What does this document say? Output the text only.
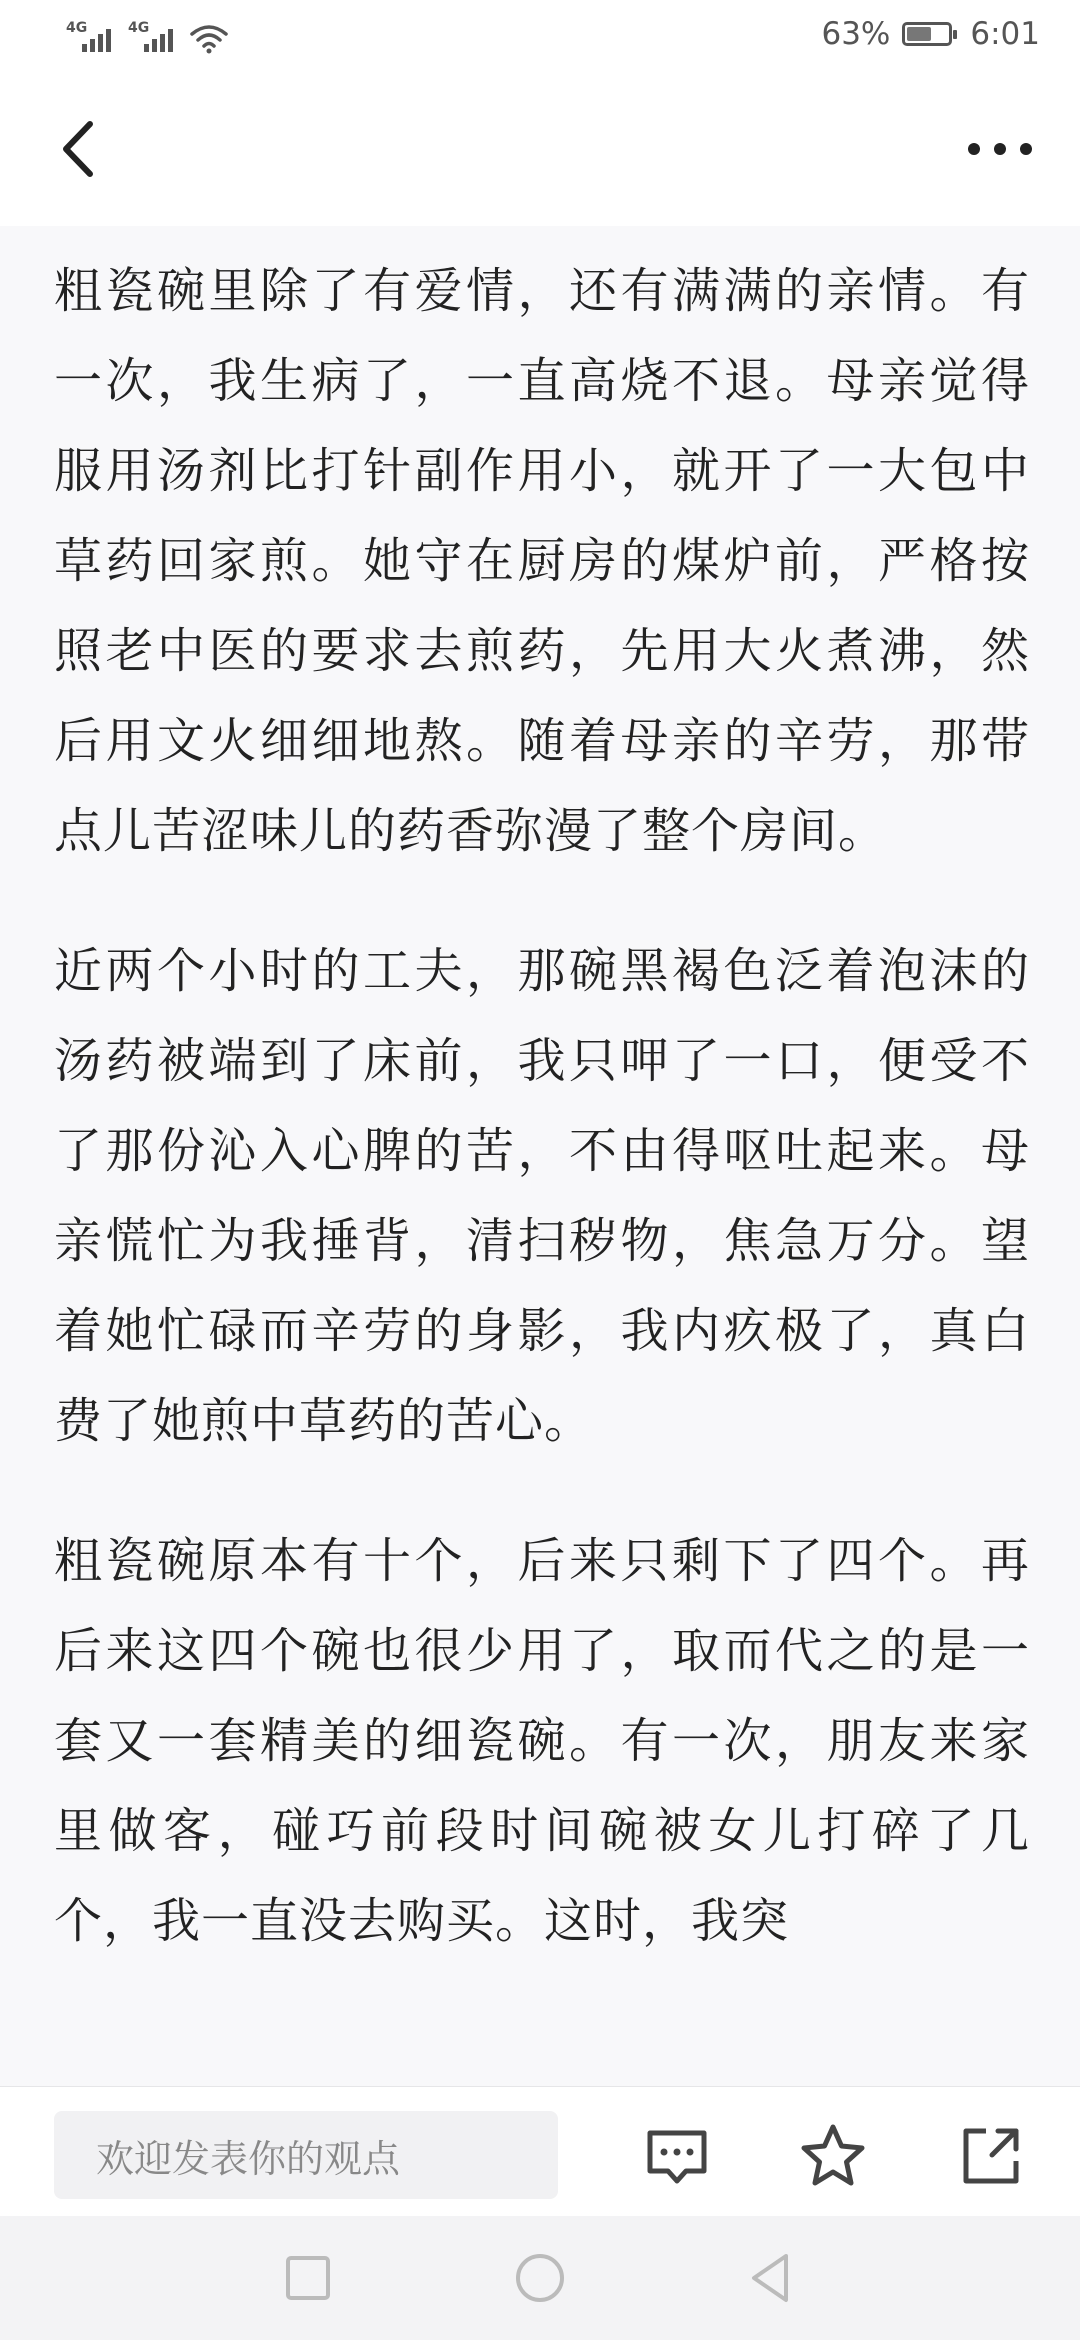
4G	4G	63%	6:01

粗瓷碗里除了有爱情，还有满满的亲情。有一次，我生病了，一直高烧不退。母亲觉得服用汤剂比打针副作用小，就开了一大包中草药回家煎。她守在厨房的煤炉前，严格按照老中医的要求去煎药，先用大火煮沸，然后用文火细细地熬。随着母亲的辛劳，那带点儿苦涩味儿的药香弥漫了整个房间。

近两个小时的工夫，那碗黑褐色泛着泡沫的汤药被端到了床前，我只呷了一口，便受不了那份沁入心脾的苦，不由得呕吐起来。母亲慌忙为我捶背，清扫秽物，焦急万分。望着她忙碌而辛劳的身影，我内疚极了，真白费了她煎中草药的苦心。

粗瓷碗原本有十个，后来只剩下了四个。再后来这四个碗也很少用了，取而代之的是一套又一套精美的细瓷碗。有一次，朋友来家里做客，碰巧前段时间碗被女儿打碎了几个，我一直没去购买。这时，我突

欢迎发表你的观点
